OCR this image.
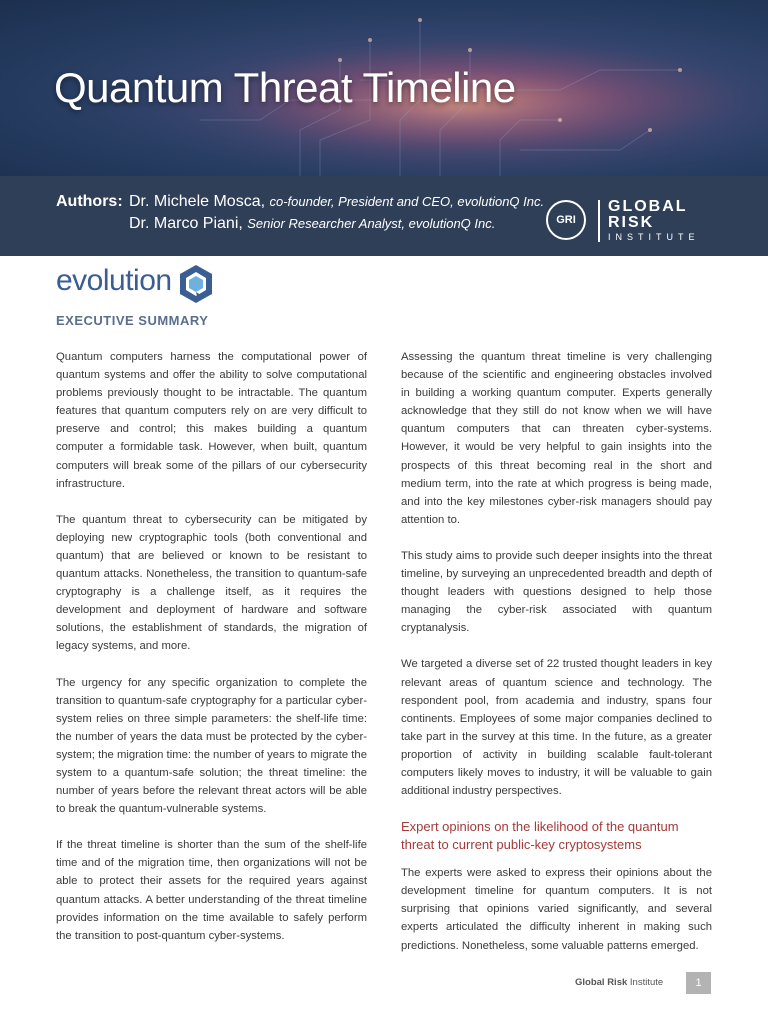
Quantum Threat Timeline
Authors: Dr. Michele Mosca, co-founder, President and CEO, evolutionQ Inc.
Dr. Marco Piani, Senior Researcher Analyst, evolutionQ Inc.	GRI
GLOBAL
RISK
INSTITUTE
evolution
EXECUTIVE SUMMARY

Quantum computers harness the computational power of quantum systems and offer the ability to solve computational problems previously thought to be intractable. The quantum features that quantum computers rely on are very difficult to preserve and control; this makes building a quantum computer a formidable task. However, when built, quantum computers will break some of the pillars of our cybersecurity infrastructure.

The quantum threat to cybersecurity can be mitigated by deploying new cryptographic tools (both conventional and quantum) that are believed or known to be resistant to quantum attacks. Nonetheless, the transition to quantum-safe cryptography is a challenge itself, as it requires the development and deployment of hardware and software solutions, the establishment of standards, the migration of legacy systems, and more.

The urgency for any specific organization to complete the transition to quantum-safe cryptography for a particular cyber-system relies on three simple parameters: the shelf-life time: the number of years the data must be protected by the cyber-system; the migration time: the number of years to migrate the system to a quantum-safe solution; the threat timeline: the number of years before the relevant threat actors will be able to break the quantum-vulnerable systems.

If the threat timeline is shorter than the sum of the shelf-life time and of the migration time, then organizations will not be able to protect their assets for the required years against quantum attacks. A better understanding of the threat timeline provides information on the time available to safely perform the transition to post-quantum cyber-systems.

Assessing the quantum threat timeline is very challenging because of the scientific and engineering obstacles involved in building a working quantum computer. Experts generally acknowledge that they still do not know when we will have quantum computers that can threaten cyber-systems. However, it would be very helpful to gain insights into the prospects of this threat becoming real in the short and medium term, into the rate at which progress is being made, and into the key milestones cyber-risk managers should pay attention to.

This study aims to provide such deeper insights into the threat timeline, by surveying an unprecedented breadth and depth of thought leaders with questions designed to help those managing the cyber-risk associated with quantum cryptanalysis.

We targeted a diverse set of 22 trusted thought leaders in key relevant areas of quantum science and technology. The respondent pool, from academia and industry, spans four continents. Employees of some major companies declined to take part in the survey at this time. In the future, as a greater proportion of activity in building scalable fault-tolerant computers likely moves to industry, it will be valuable to gain additional industry perspectives.

Expert opinions on the likelihood of the quantum threat to current public-key cryptosystems

The experts were asked to express their opinions about the development timeline for quantum computers. It is not surprising that opinions varied significantly, and several experts articulated the difficulty inherent in making such predictions. Nonetheless, some valuable patterns emerged.

Global Risk Institute	1
